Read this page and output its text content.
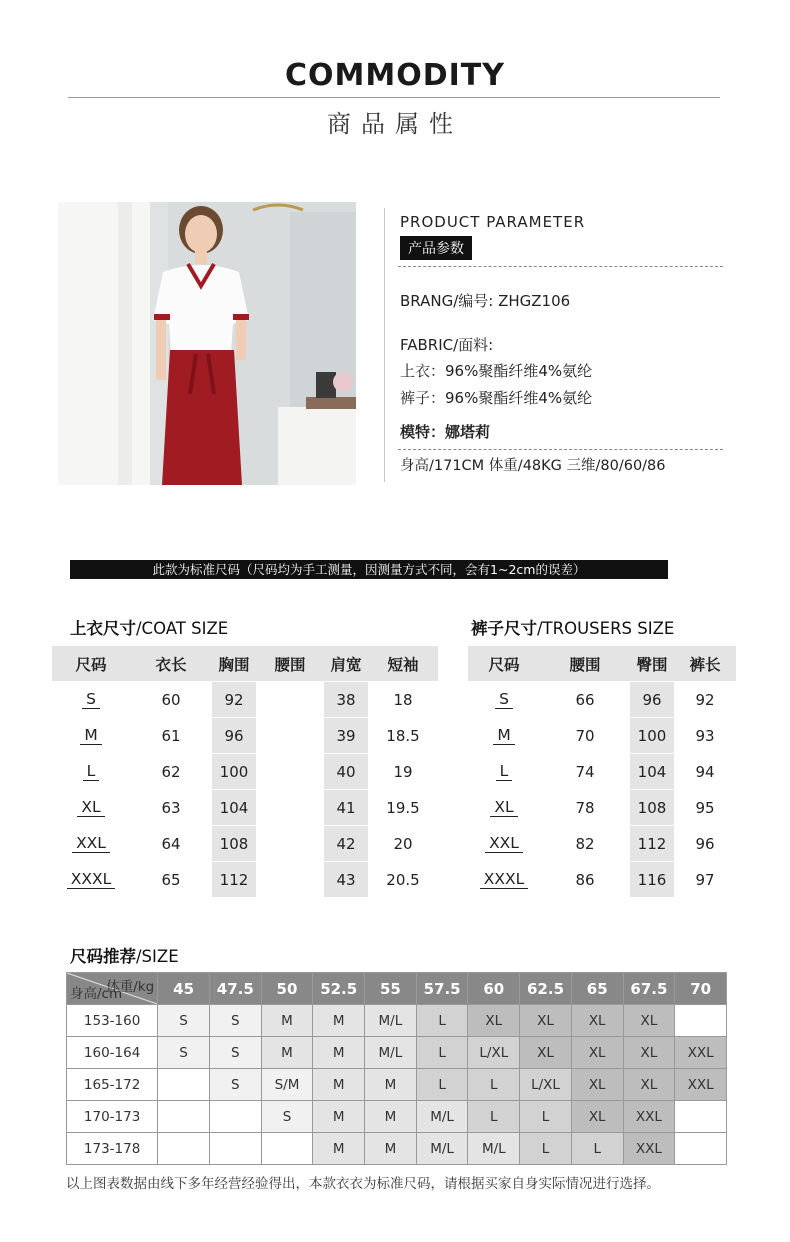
COMMODITY
商品属性
PRODUCT PARAMETER
产品参数
BRANG/编号: ZHGZ106
FABRIC/面料:
上衣：96%聚酯纤维4%氨纶
裤子：96%聚酯纤维4%氨纶
模特：娜塔莉
身高/171CM 体重/48KG 三维/80/60/86
此款为标准尺码（尺码均为手工测量，因测量方式不同，会有1~2cm的误差）
上衣尺寸/COAT SIZE
尺码	衣长	胸围	腰围	肩宽	短袖
S	60	92		38	18
M	61	96		39	18.5
L	62	100		40	19
XL	63	104		41	19.5
XXL	64	108		42	20
XXXL	65	112		43	20.5
裤子尺寸/TROUSERS SIZE
尺码	腰围	臀围	裤长
S	66	96	92
M	70	100	93
L	74	104	94
XL	78	108	95
XXL	82	112	96
XXXL	86	116	97
尺码推荐/SIZE
体重/kg
身高/cm	45	47.5	50	52.5	55	57.5	60	62.5	65	67.5	70
153-160	S	S	M	M	M/L	L	XL	XL	XL	XL	
160-164	S	S	M	M	M/L	L	L/XL	XL	XL	XL	XXL
165-172		S	S/M	M	M	L	L	L/XL	XL	XL	XXL
170-173			S	M	M	M/L	L	L	XL	XXL	
173-178				M	M	M/L	M/L	L	L	XXL	
以上图表数据由线下多年经营经验得出，本款衣衣为标准尺码，请根据买家自身实际情况进行选择。
